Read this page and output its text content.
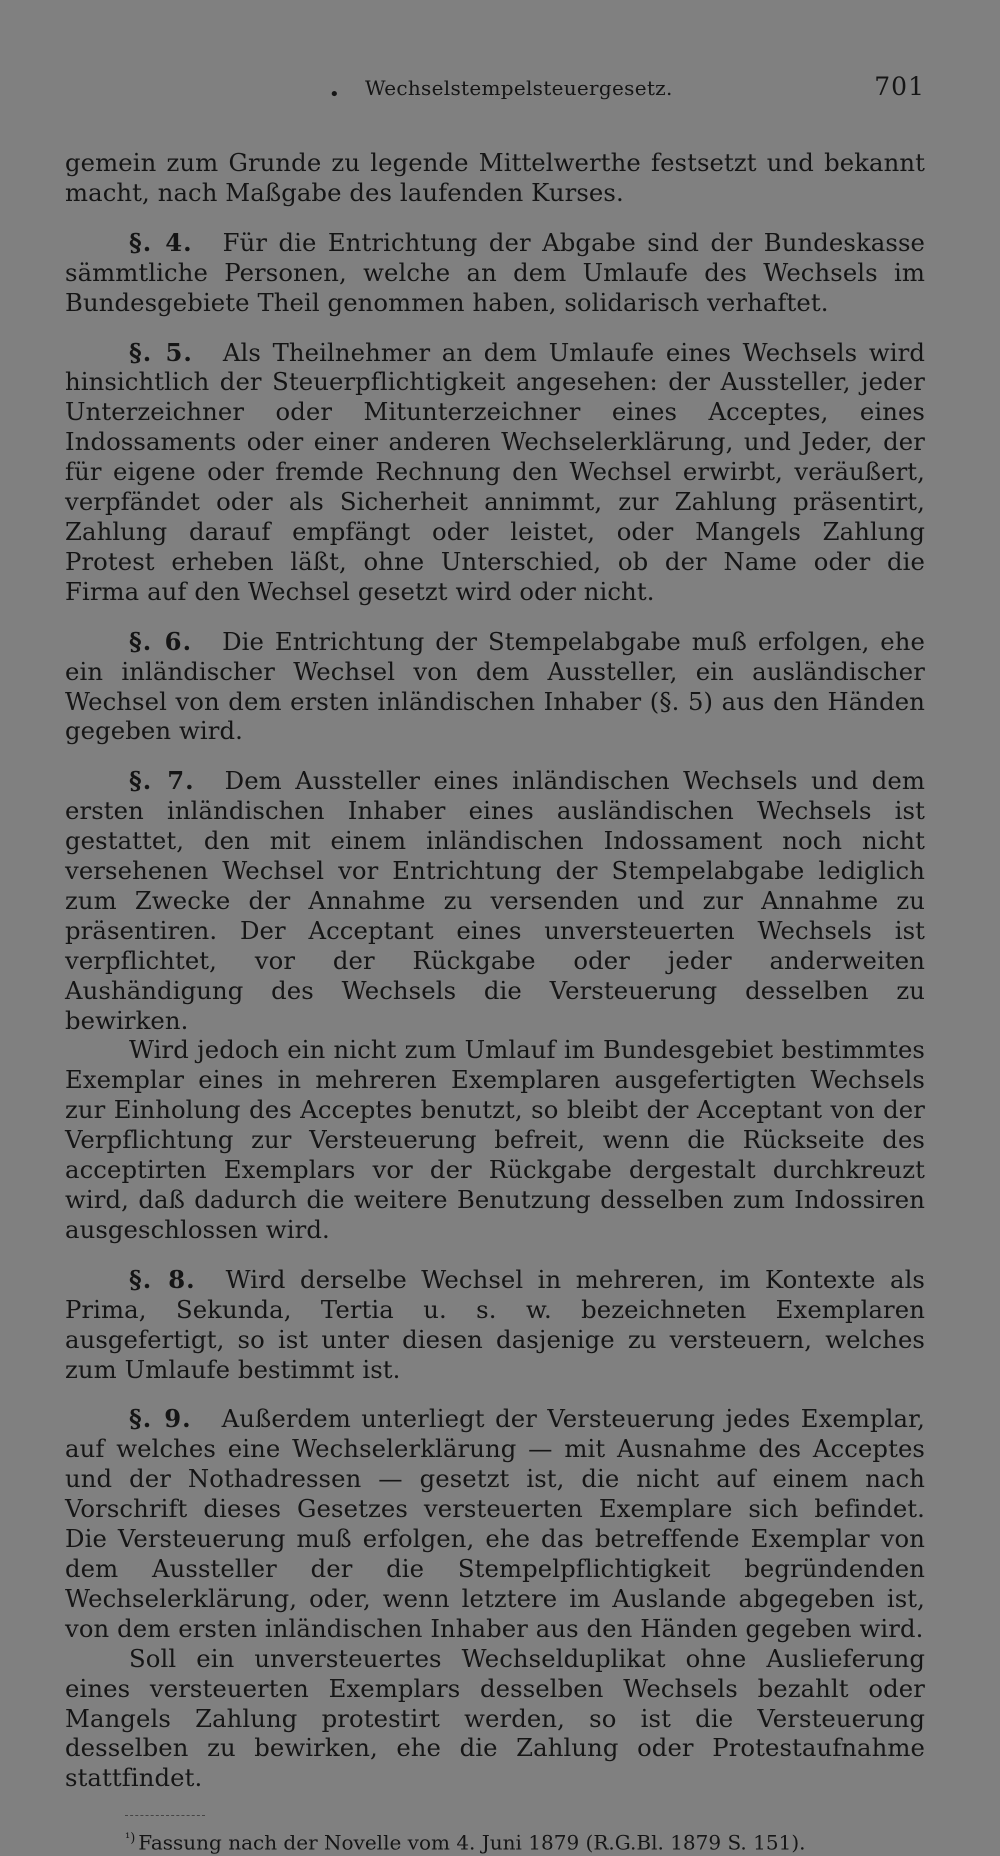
• Wechselstempelsteuergesetz.	701

gemein zum Grunde zu legende Mittelwerthe festsetzt und bekannt macht, nach Maßgabe des laufenden Kurses.

§. 4. Für die Entrichtung der Abgabe sind der Bundeskasse sämmtliche Personen, welche an dem Umlaufe des Wechsels im Bundesgebiete Theil genommen haben, solidarisch verhaftet.

§. 5. Als Theilnehmer an dem Umlaufe eines Wechsels wird hinsichtlich der Steuerpflichtigkeit angesehen: der Aussteller, jeder Unterzeichner oder Mitunterzeichner eines Acceptes, eines Indossaments oder einer anderen Wechselerklärung, und Jeder, der für eigene oder fremde Rechnung den Wechsel erwirbt, veräußert, verpfändet oder als Sicherheit annimmt, zur Zahlung präsentirt, Zahlung darauf empfängt oder leistet, oder Mangels Zahlung Protest erheben läßt, ohne Unterschied, ob der Name oder die Firma auf den Wechsel gesetzt wird oder nicht.

§. 6. Die Entrichtung der Stempelabgabe muß erfolgen, ehe ein inländischer Wechsel von dem Aussteller, ein ausländischer Wechsel von dem ersten inländischen Inhaber (§. 5) aus den Händen gegeben wird.

§. 7. Dem Aussteller eines inländischen Wechsels und dem ersten inländischen Inhaber eines ausländischen Wechsels ist gestattet, den mit einem inländischen Indossament noch nicht versehenen Wechsel vor Entrichtung der Stempelabgabe lediglich zum Zwecke der Annahme zu versenden und zur Annahme zu präsentiren. Der Acceptant eines unversteuerten Wechsels ist verpflichtet, vor der Rückgabe oder jeder anderweiten Aushändigung des Wechsels die Versteuerung desselben zu bewirken.

Wird jedoch ein nicht zum Umlauf im Bundesgebiet bestimmtes Exemplar eines in mehreren Exemplaren ausgefertigten Wechsels zur Einholung des Acceptes benutzt, so bleibt der Acceptant von der Verpflichtung zur Versteuerung befreit, wenn die Rückseite des acceptirten Exemplars vor der Rückgabe dergestalt durchkreuzt wird, daß dadurch die weitere Benutzung desselben zum Indossiren ausgeschlossen wird.

§. 8. Wird derselbe Wechsel in mehreren, im Kontexte als Prima, Sekunda, Tertia u. s. w. bezeichneten Exemplaren ausgefertigt, so ist unter diesen dasjenige zu versteuern, welches zum Umlaufe bestimmt ist.

§. 9. Außerdem unterliegt der Versteuerung jedes Exemplar, auf welches eine Wechselerklärung — mit Ausnahme des Acceptes und der Nothadressen — gesetzt ist, die nicht auf einem nach Vorschrift dieses Gesetzes versteuerten Exemplare sich befindet. Die Versteuerung muß erfolgen, ehe das betreffende Exemplar von dem Aussteller der die Stempelpflichtigkeit begründenden Wechselerklärung, oder, wenn letztere im Auslande abgegeben ist, von dem ersten inländischen Inhaber aus den Händen gegeben wird.

Soll ein unversteuertes Wechselduplikat ohne Auslieferung eines versteuerten Exemplars desselben Wechsels bezahlt oder Mangels Zahlung protestirt werden, so ist die Versteuerung desselben zu bewirken, ehe die Zahlung oder Protestaufnahme stattfindet.

$^{^1)}$ Fassung nach der Novelle vom 4. Juni 1879 (R.G.Bl. 1879 S. 151).
